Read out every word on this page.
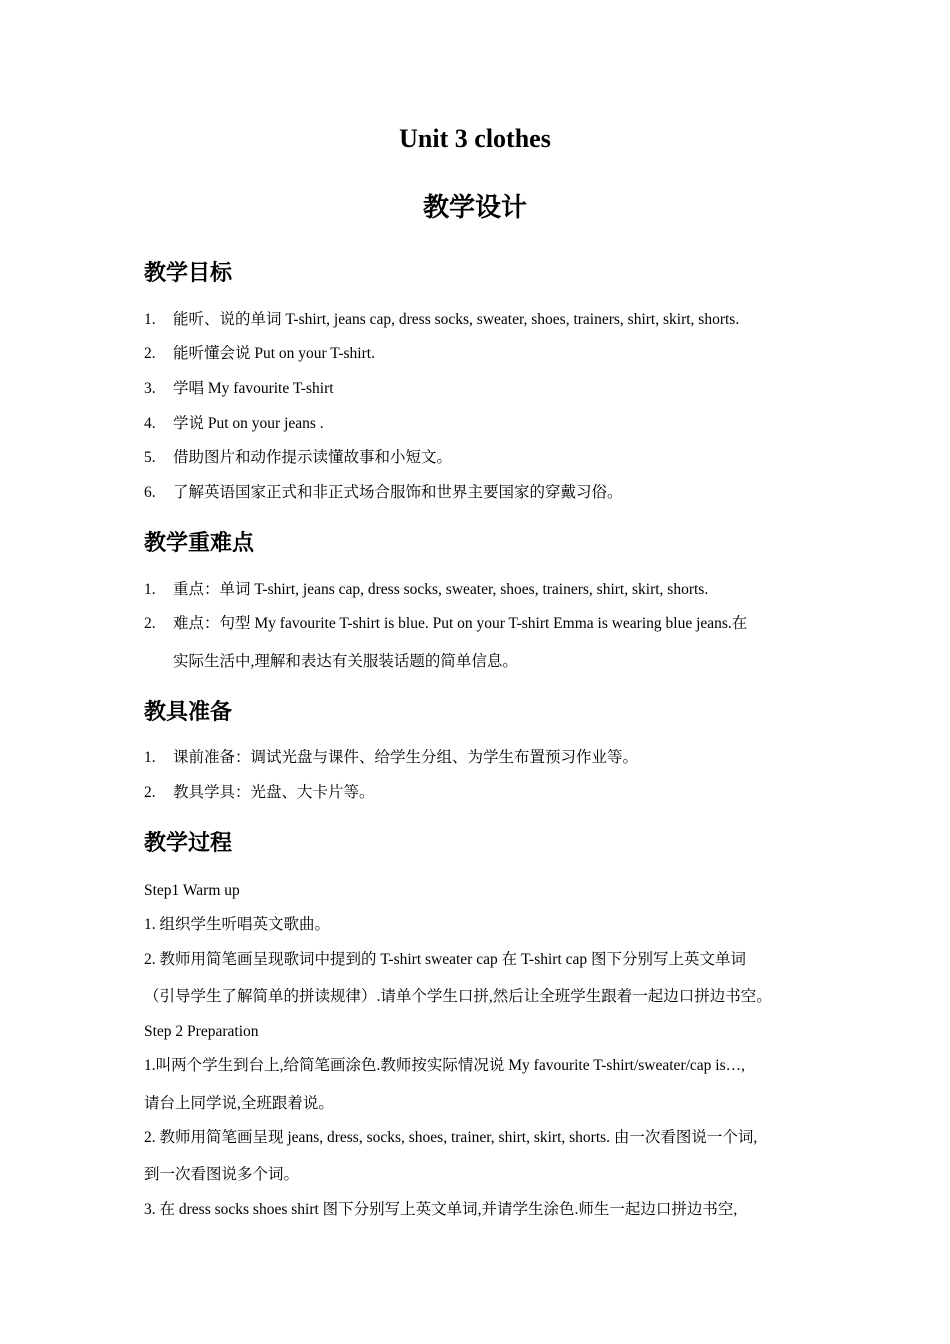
Unit 3 clothes
教学设计
教学目标
1. 能听、说的单词 T-shirt, jeans cap, dress socks, sweater, shoes, trainers, shirt, skirt, shorts.
2. 能听懂会说 Put on your T-shirt.
3. 学唱 My favourite T-shirt
4. 学说 Put on your jeans .
5. 借助图片和动作提示读懂故事和小短文。
6. 了解英语国家正式和非正式场合服饰和世界主要国家的穿戴习俗。
教学重难点
1. 重点：单词 T-shirt, jeans cap, dress socks, sweater, shoes, trainers, shirt, skirt, shorts.
2. 难点：句型 My favourite T-shirt is blue. Put on your T-shirt Emma is wearing blue jeans.在
实际生活中,理解和表达有关服装话题的简单信息。
教具准备
1. 课前准备：调试光盘与课件、给学生分组、为学生布置预习作业等。
2. 教具学具：光盘、大卡片等。
教学过程
Step1 Warm up
1. 组织学生听唱英文歌曲。
2. 教师用简笔画呈现歌词中提到的 T-shirt sweater cap 在 T-shirt cap 图下分别写上英文单词
（引导学生了解简单的拼读规律）.请单个学生口拼,然后让全班学生跟着一起边口拼边书空。
Step 2 Preparation
1.叫两个学生到台上,给简笔画涂色.教师按实际情况说 My favourite T-shirt/sweater/cap is…,
请台上同学说,全班跟着说。
2. 教师用简笔画呈现 jeans, dress, socks, shoes, trainer, shirt, skirt, shorts. 由一次看图说一个词,
到一次看图说多个词。
3. 在 dress socks shoes shirt 图下分别写上英文单词,并请学生涂色.师生一起边口拼边书空,
